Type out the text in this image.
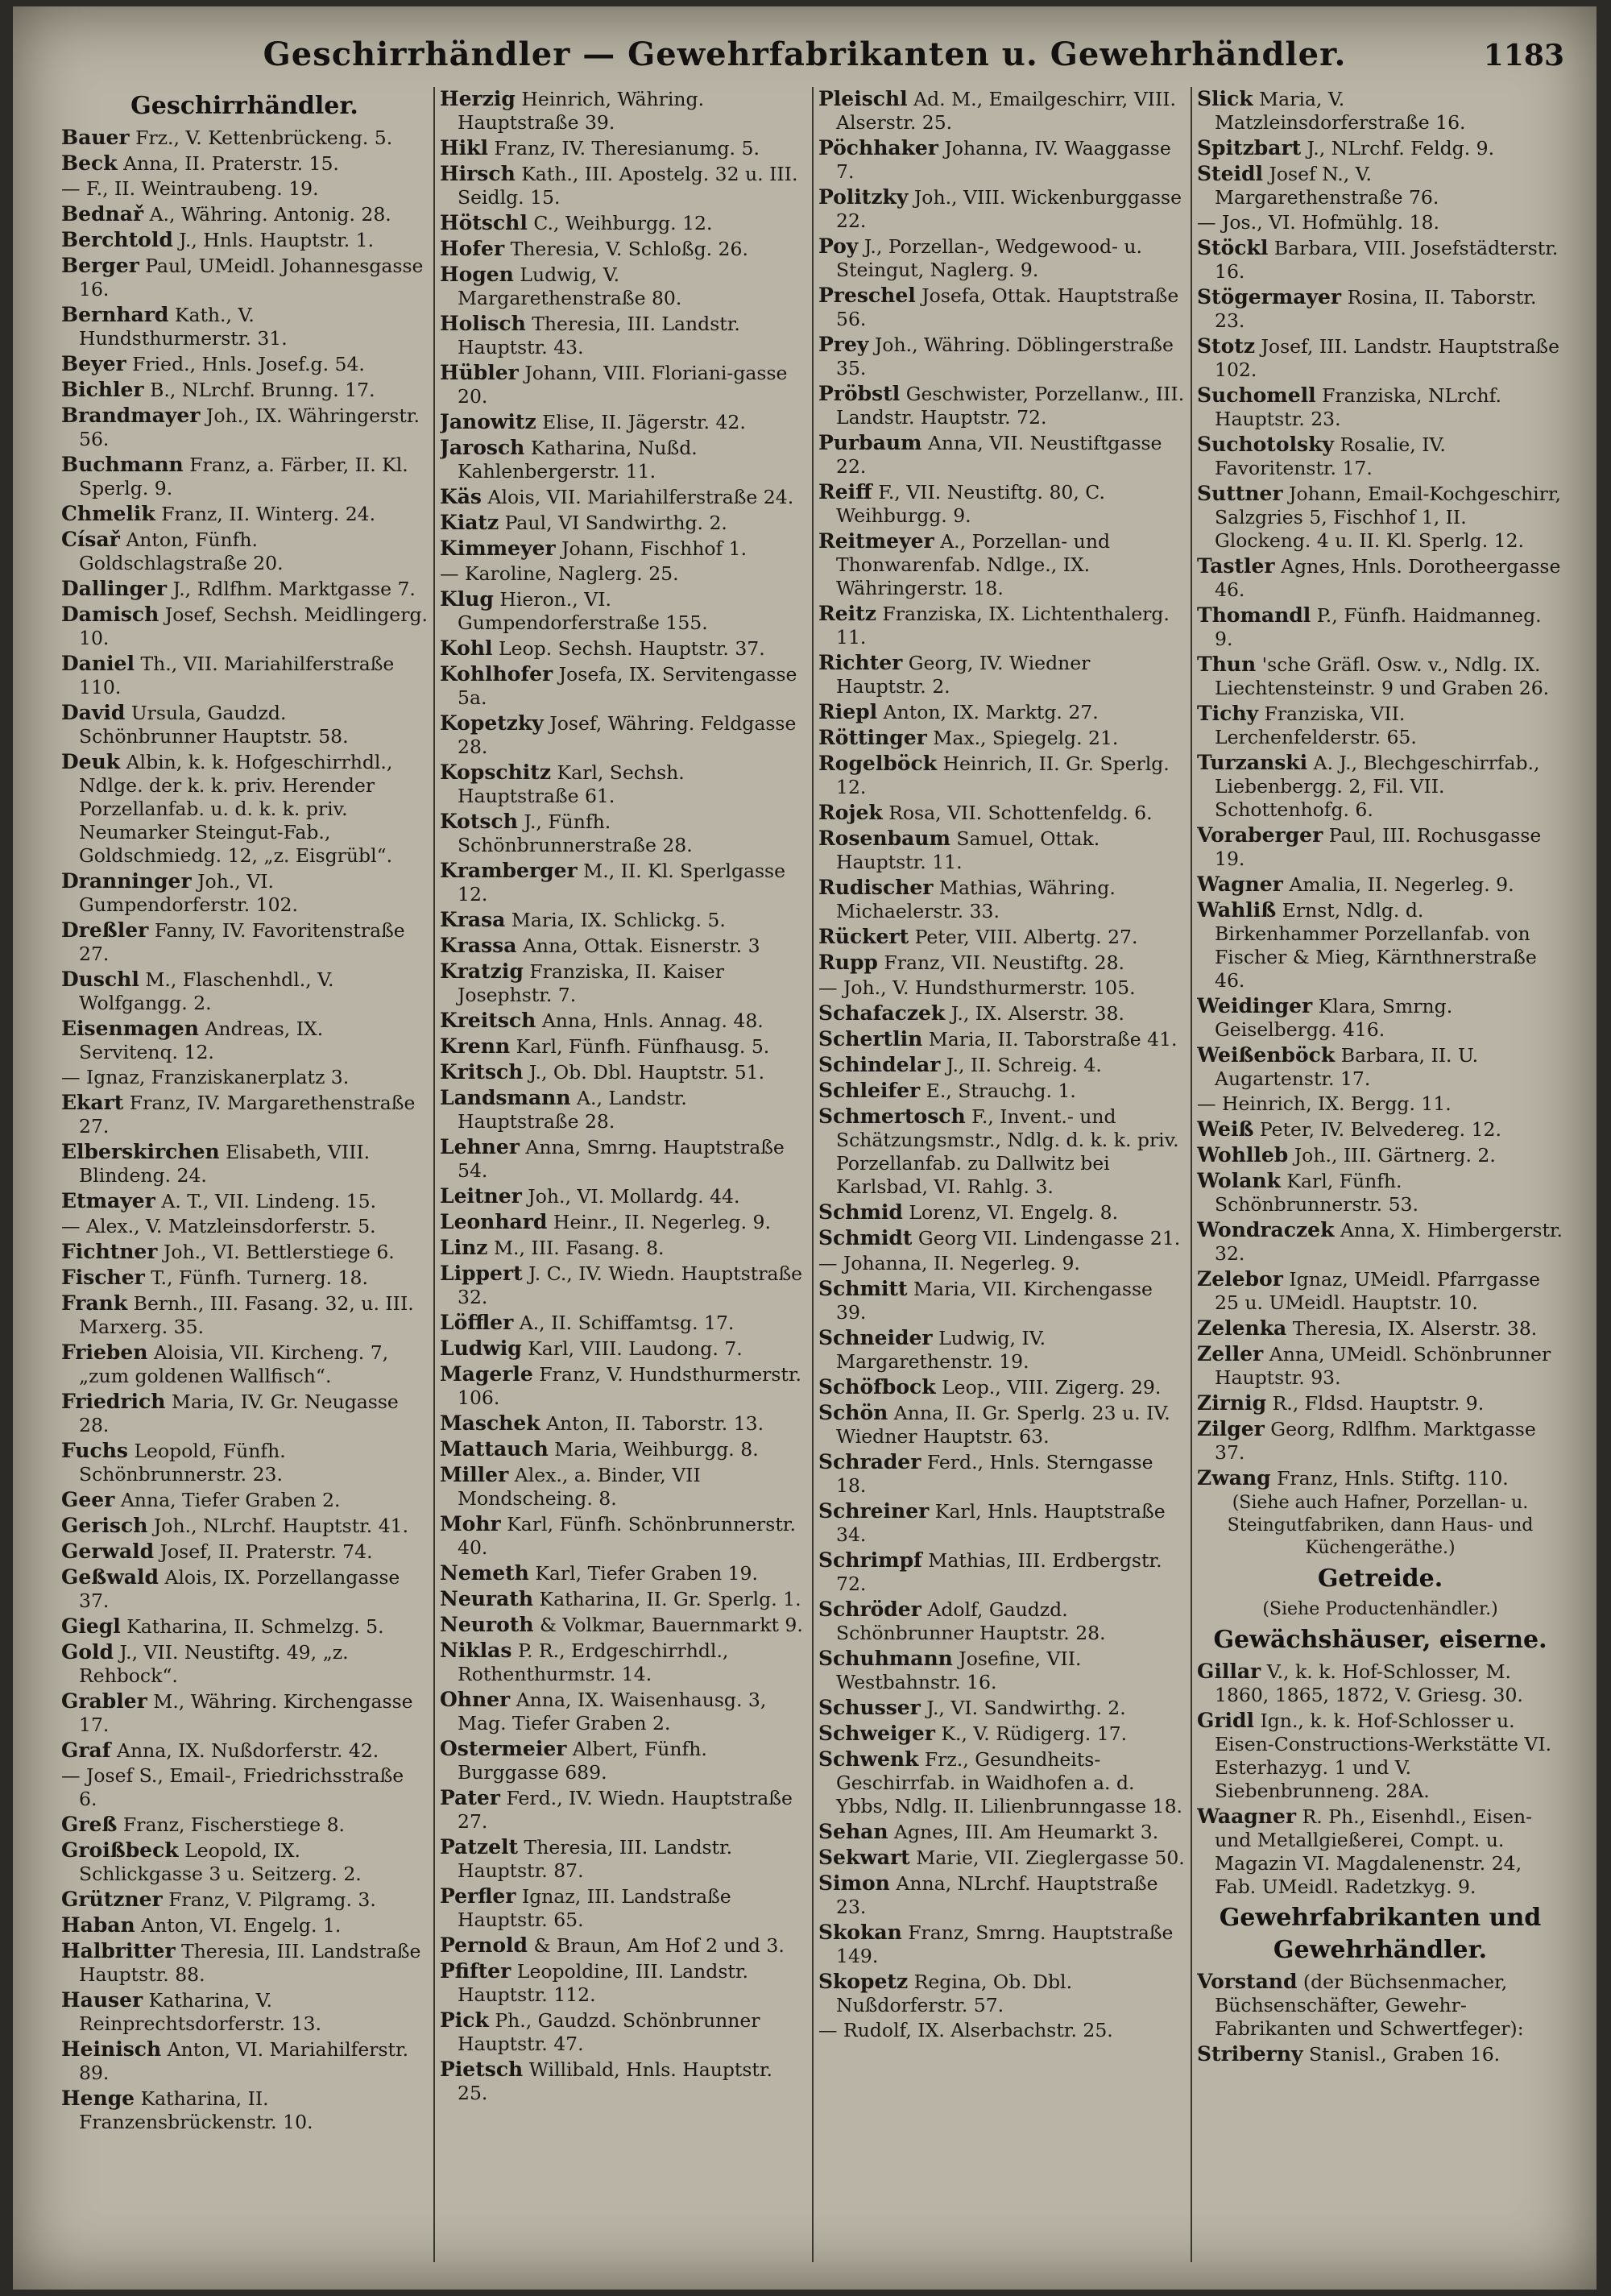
Geschirrhändler — Gewehrfabrikanten u. Gewehrhändler.	1183
Geschirrhändler.
Bauer Frz., V. Kettenbrückeng. 5.
Beck Anna, II. Praterstr. 15.
— F., II. Weintraubeng. 19.
Bednař A., Währing. Antonig. 28.
Berchtold J., Hnls. Hauptstr. 1.
Berger Paul, UMeidl. Johannesgasse 16.
Bernhard Kath., V. Hundsthurmerstr. 31.
Beyer Fried., Hnls. Josef.g. 54.
Bichler B., NLrchf. Brunng. 17.
Brandmayer Joh., IX. Währingerstr. 56.
Buchmann Franz, a. Färber, II. Kl. Sperlg. 9.
Chmelik Franz, II. Winterg. 24.
Císař Anton, Fünfh. Goldschlagstraße 20.
Dallinger J., Rdlfhm. Marktgasse 7.
Damisch Josef, Sechsh. Meidlingerg. 10.
Daniel Th., VII. Mariahilferstraße 110.
David Ursula, Gaudzd. Schönbrunner Hauptstr. 58.
Deuk Albin, k. k. Hofgeschirrhdl., Ndlge. der k. k. priv. Herender Porzellanfab. u. d. k. k. priv. Neumarker Steingut-Fab., Goldschmiedg. 12, „z. Eisgrübl“.
Dranninger Joh., VI. Gumpendorferstr. 102.
Dreßler Fanny, IV. Favoritenstraße 27.
Duschl M., Flaschenhdl., V. Wolfgangg. 2.
Eisenmagen Andreas, IX. Servitenq. 12.
— Ignaz, Franziskanerplatz 3.
Ekart Franz, IV. Margarethenstraße 27.
Elberskirchen Elisabeth, VIII. Blindeng. 24.
Etmayer A. T., VII. Lindeng. 15.
— Alex., V. Matzleinsdorferstr. 5.
Fichtner Joh., VI. Bettlerstiege 6.
Fischer T., Fünfh. Turnerg. 18.
Frank Bernh., III. Fasang. 32, u. III. Marxerg. 35.
Frieben Aloisia, VII. Kircheng. 7, „zum goldenen Wallfisch“.
Friedrich Maria, IV. Gr. Neugasse 28.
Fuchs Leopold, Fünfh. Schönbrunnerstr. 23.
Geer Anna, Tiefer Graben 2.
Gerisch Joh., NLrchf. Hauptstr. 41.
Gerwald Josef, II. Praterstr. 74.
Geßwald Alois, IX. Porzellangasse 37.
Giegl Katharina, II. Schmelzg. 5.
Gold J., VII. Neustiftg. 49, „z. Rehbock“.
Grabler M., Währing. Kirchengasse 17.
Graf Anna, IX. Nußdorferstr. 42.
— Josef S., Email-, Friedrichsstraße 6.
Greß Franz, Fischerstiege 8.
Groißbeck Leopold, IX. Schlickgasse 3 u. Seitzerg. 2.
Grützner Franz, V. Pilgramg. 3.
Haban Anton, VI. Engelg. 1.
Halbritter Theresia, III. Landstraße Hauptstr. 88.
Hauser Katharina, V. Reinprechtsdorferstr. 13.
Heinisch Anton, VI. Mariahilferstr. 89.
Henge Katharina, II. Franzensbrückenstr. 10.
Herzig Heinrich, Währing. Hauptstraße 39.
Hikl Franz, IV. Theresianumg. 5.
Hirsch Kath., III. Apostelg. 32 u. III. Seidlg. 15.
Hötschl C., Weihburgg. 12.
Hofer Theresia, V. Schloßg. 26.
Hogen Ludwig, V. Margarethenstraße 80.
Holisch Theresia, III. Landstr. Hauptstr. 43.
Hübler Johann, VIII. Floriani-gasse 20.
Janowitz Elise, II. Jägerstr. 42.
Jarosch Katharina, Nußd. Kahlenbergerstr. 11.
Käs Alois, VII. Mariahilferstraße 24.
Kiatz Paul, VI Sandwirthg. 2.
Kimmeyer Johann, Fischhof 1.
— Karoline, Naglerg. 25.
Klug Hieron., VI. Gumpendorferstraße 155.
Kohl Leop. Sechsh. Hauptstr. 37.
Kohlhofer Josefa, IX. Servitengasse 5a.
Kopetzky Josef, Währing. Feldgasse 28.
Kopschitz Karl, Sechsh. Hauptstraße 61.
Kotsch J., Fünfh. Schönbrunnerstraße 28.
Kramberger M., II. Kl. Sperlgasse 12.
Krasa Maria, IX. Schlickg. 5.
Krassa Anna, Ottak. Eisnerstr. 3
Kratzig Franziska, II. Kaiser Josephstr. 7.
Kreitsch Anna, Hnls. Annag. 48.
Krenn Karl, Fünfh. Fünfhausg. 5.
Kritsch J., Ob. Dbl. Hauptstr. 51.
Landsmann A., Landstr. Hauptstraße 28.
Lehner Anna, Smrng. Hauptstraße 54.
Leitner Joh., VI. Mollardg. 44.
Leonhard Heinr., II. Negerleg. 9.
Linz M., III. Fasang. 8.
Lippert J. C., IV. Wiedn. Hauptstraße 32.
Löffler A., II. Schiffamtsg. 17.
Ludwig Karl, VIII. Laudong. 7.
Magerle Franz, V. Hundsthurmerstr. 106.
Maschek Anton, II. Taborstr. 13.
Mattauch Maria, Weihburgg. 8.
Miller Alex., a. Binder, VII Mondscheing. 8.
Mohr Karl, Fünfh. Schönbrunnerstr. 40.
Nemeth Karl, Tiefer Graben 19.
Neurath Katharina, II. Gr. Sperlg. 1.
Neuroth & Volkmar, Bauernmarkt 9.
Niklas P. R., Erdgeschirrhdl., Rothenthurmstr. 14.
Ohner Anna, IX. Waisenhausg. 3, Mag. Tiefer Graben 2.
Ostermeier Albert, Fünfh. Burggasse 689.
Pater Ferd., IV. Wiedn. Hauptstraße 27.
Patzelt Theresia, III. Landstr. Hauptstr. 87.
Perfler Ignaz, III. Landstraße Hauptstr. 65.
Pernold & Braun, Am Hof 2 und 3.
Pfifter Leopoldine, III. Landstr. Hauptstr. 112.
Pick Ph., Gaudzd. Schönbrunner Hauptstr. 47.
Pietsch Willibald, Hnls. Hauptstr. 25.
Pleischl Ad. M., Emailgeschirr, VIII. Alserstr. 25.
Pöchhaker Johanna, IV. Waaggasse 7.
Politzky Joh., VIII. Wickenburggasse 22.
Poy J., Porzellan-, Wedgewood- u. Steingut, Naglerg. 9.
Preschel Josefa, Ottak. Hauptstraße 56.
Prey Joh., Währing. Döblingerstraße 35.
Pröbstl Geschwister, Porzellanw., III. Landstr. Hauptstr. 72.
Purbaum Anna, VII. Neustiftgasse 22.
Reiff F., VII. Neustiftg. 80, C. Weihburgg. 9.
Reitmeyer A., Porzellan- und Thonwarenfab. Ndlge., IX. Währingerstr. 18.
Reitz Franziska, IX. Lichtenthalerg. 11.
Richter Georg, IV. Wiedner Hauptstr. 2.
Riepl Anton, IX. Marktg. 27.
Röttinger Max., Spiegelg. 21.
Rogelböck Heinrich, II. Gr. Sperlg. 12.
Rojek Rosa, VII. Schottenfeldg. 6.
Rosenbaum Samuel, Ottak. Hauptstr. 11.
Rudischer Mathias, Währing. Michaelerstr. 33.
Rückert Peter, VIII. Albertg. 27.
Rupp Franz, VII. Neustiftg. 28.
— Joh., V. Hundsthurmerstr. 105.
Schafaczek J., IX. Alserstr. 38.
Schertlin Maria, II. Taborstraße 41.
Schindelar J., II. Schreig. 4.
Schleifer E., Strauchg. 1.
Schmertosch F., Invent.- und Schätzungsmstr., Ndlg. d. k. k. priv. Porzellanfab. zu Dallwitz bei Karlsbad, VI. Rahlg. 3.
Schmid Lorenz, VI. Engelg. 8.
Schmidt Georg VII. Lindengasse 21.
— Johanna, II. Negerleg. 9.
Schmitt Maria, VII. Kirchengasse 39.
Schneider Ludwig, IV. Margarethenstr. 19.
Schöfbock Leop., VIII. Zigerg. 29.
Schön Anna, II. Gr. Sperlg. 23 u. IV. Wiedner Hauptstr. 63.
Schrader Ferd., Hnls. Sterngasse 18.
Schreiner Karl, Hnls. Hauptstraße 34.
Schrimpf Mathias, III. Erdbergstr. 72.
Schröder Adolf, Gaudzd. Schönbrunner Hauptstr. 28.
Schuhmann Josefine, VII. Westbahnstr. 16.
Schusser J., VI. Sandwirthg. 2.
Schweiger K., V. Rüdigerg. 17.
Schwenk Frz., Gesundheits-Geschirrfab. in Waidhofen a. d. Ybbs, Ndlg. II. Lilienbrunngasse 18.
Sehan Agnes, III. Am Heumarkt 3.
Sekwart Marie, VII. Zieglergasse 50.
Simon Anna, NLrchf. Hauptstraße 23.
Skokan Franz, Smrng. Hauptstraße 149.
Skopetz Regina, Ob. Dbl. Nußdorferstr. 57.
— Rudolf, IX. Alserbachstr. 25.
Slick Maria, V. Matzleinsdorferstraße 16.
Spitzbart J., NLrchf. Feldg. 9.
Steidl Josef N., V. Margarethenstraße 76.
— Jos., VI. Hofmühlg. 18.
Stöckl Barbara, VIII. Josefstädterstr. 16.
Stögermayer Rosina, II. Taborstr. 23.
Stotz Josef, III. Landstr. Hauptstraße 102.
Suchomell Franziska, NLrchf. Hauptstr. 23.
Suchotolsky Rosalie, IV. Favoritenstr. 17.
Suttner Johann, Email-Kochgeschirr, Salzgries 5, Fischhof 1, II. Glockeng. 4 u. II. Kl. Sperlg. 12.
Tastler Agnes, Hnls. Dorotheergasse 46.
Thomandl P., Fünfh. Haidmanneg. 9.
Thun 'sche Gräfl. Osw. v., Ndlg. IX. Liechtensteinstr. 9 und Graben 26.
Tichy Franziska, VII. Lerchenfelderstr. 65.
Turzanski A. J., Blechgeschirrfab., Liebenbergg. 2, Fil. VII. Schottenhofg. 6.
Voraberger Paul, III. Rochusgasse 19.
Wagner Amalia, II. Negerleg. 9.
Wahliß Ernst, Ndlg. d. Birkenhammer Porzellanfab. von Fischer & Mieg, Kärnthnerstraße 46.
Weidinger Klara, Smrng. Geiselbergg. 416.
Weißenböck Barbara, II. U. Augartenstr. 17.
— Heinrich, IX. Bergg. 11.
Weiß Peter, IV. Belvedereg. 12.
Wohlleb Joh., III. Gärtnerg. 2.
Wolank Karl, Fünfh. Schönbrunnerstr. 53.
Wondraczek Anna, X. Himbergerstr. 32.
Zelebor Ignaz, UMeidl. Pfarrgasse 25 u. UMeidl. Hauptstr. 10.
Zelenka Theresia, IX. Alserstr. 38.
Zeller Anna, UMeidl. Schönbrunner Hauptstr. 93.
Zirnig R., Fldsd. Hauptstr. 9.
Zilger Georg, Rdlfhm. Marktgasse 37.
Zwang Franz, Hnls. Stiftg. 110.
(Siehe auch Hafner, Porzellan- u. Steingutfabriken, dann Haus- und Küchengeräthe.)
Getreide.
(Siehe Productenhändler.)
Gewächshäuser, eiserne.
Gillar V., k. k. Hof-Schlosser, M. 1860, 1865, 1872, V. Griesg. 30.
Gridl Ign., k. k. Hof-Schlosser u. Eisen-Constructions-Werkstätte VI. Esterhazyg. 1 und V. Siebenbrunneng. 28A.
Waagner R. Ph., Eisenhdl., Eisen- und Metallgießerei, Compt. u. Magazin VI. Magdalenenstr. 24, Fab. UMeidl. Radetzkyg. 9.
Gewehrfabrikanten und Gewehrhändler.
Vorstand (der Büchsenmacher, Büchsenschäfter, Gewehr-Fabrikanten und Schwertfeger):
Striberny Stanisl., Graben 16.
